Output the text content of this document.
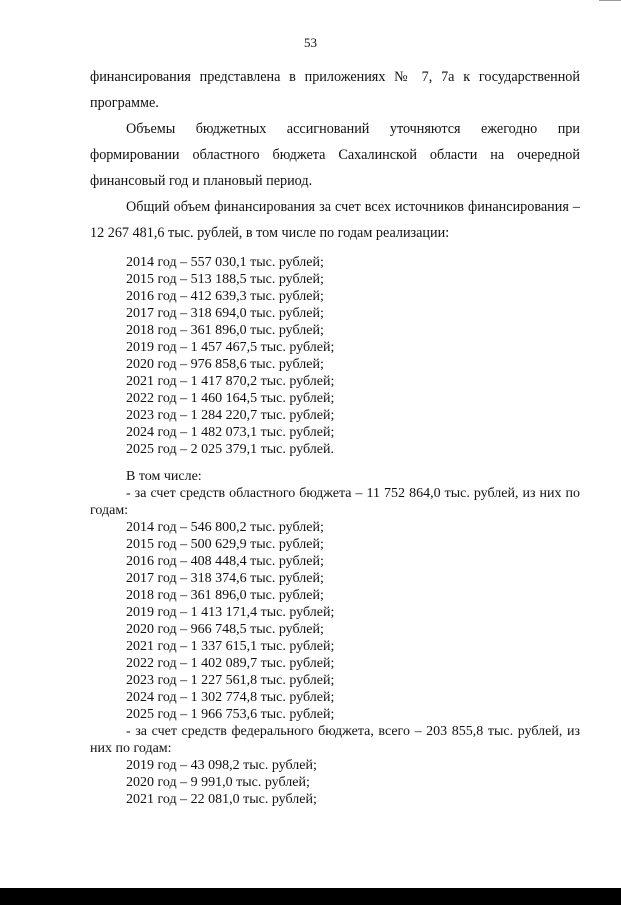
53

финансирования представлена в приложениях № 7, 7а к государственной

программе.

Объемы бюджетных ассигнований уточняются ежегодно при формировании областного бюджета Сахалинской области на очередной финансовый год и плановый период.

Общий объем финансирования за счет всех источников финансирования – 12 267 481,6 тыс. рублей, в том числе по годам реализации:

2014 год – 557 030,1 тыс. рублей;
2015 год – 513 188,5 тыс. рублей;
2016 год – 412 639,3 тыс. рублей;
2017 год – 318 694,0 тыс. рублей;
2018 год – 361 896,0 тыс. рублей;
2019 год – 1 457 467,5 тыс. рублей;
2020 год – 976 858,6 тыс. рублей;
2021 год – 1 417 870,2 тыс. рублей;
2022 год – 1 460 164,5 тыс. рублей;
2023 год – 1 284 220,7 тыс. рублей;
2024 год – 1 482 073,1 тыс. рублей;
2025 год – 2 025 379,1 тыс. рублей.

В том числе:

- за счет средств областного бюджета – 11 752 864,0 тыс. рублей, из них по годам:

2014 год – 546 800,2 тыс. рублей;
2015 год – 500 629,9 тыс. рублей;
2016 год – 408 448,4 тыс. рублей;
2017 год – 318 374,6 тыс. рублей;
2018 год – 361 896,0 тыс. рублей;
2019 год – 1 413 171,4 тыс. рублей;
2020 год – 966 748,5 тыс. рублей;
2021 год – 1 337 615,1 тыс. рублей;
2022 год – 1 402 089,7 тыс. рублей;
2023 год – 1 227 561,8 тыс. рублей;
2024 год – 1 302 774,8 тыс. рублей;
2025 год – 1 966 753,6 тыс. рублей;

- за счет средств федерального бюджета, всего – 203 855,8 тыс. рублей, из них по годам:

2019 год – 43 098,2 тыс. рублей;
2020 год – 9 991,0 тыс. рублей;
2021 год – 22 081,0 тыс. рублей;
